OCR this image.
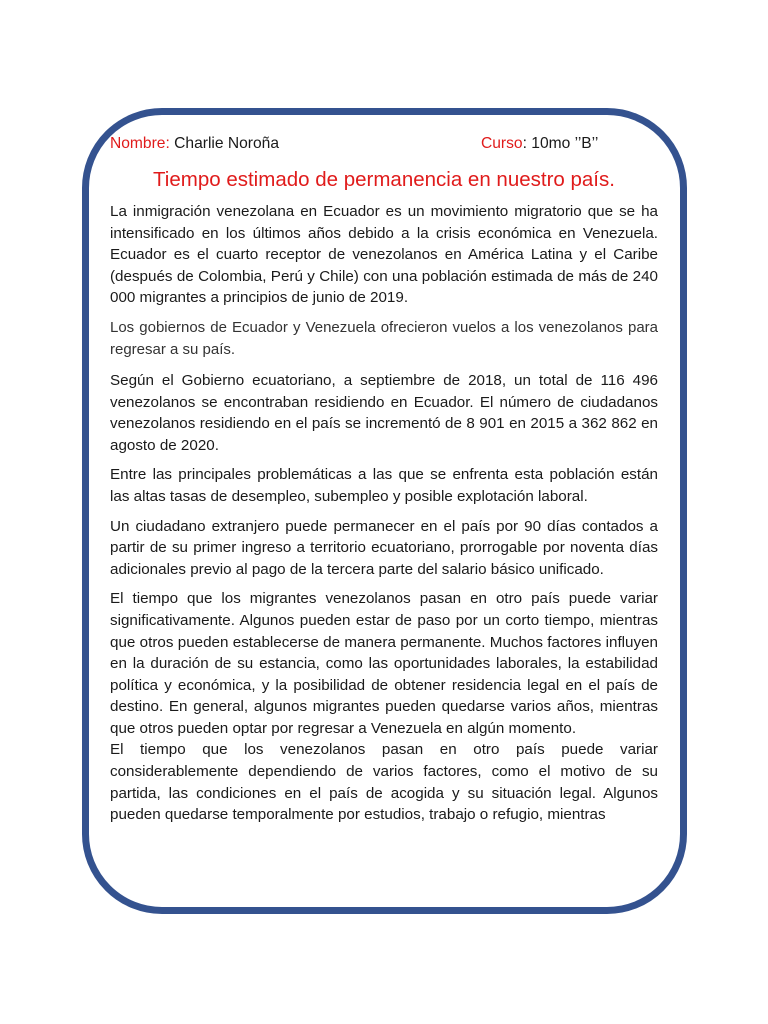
Nombre: Charlie Noroña	Curso: 10mo ’’B’’
Tiempo estimado de permanencia en nuestro país.

La inmigración venezolana en Ecuador es un movimiento migratorio que se ha intensificado en los últimos años debido a la crisis económica en Venezuela. Ecuador es el cuarto receptor de venezolanos en América Latina y el Caribe (después de Colombia, Perú y Chile) con una población estimada de más de 240 000 migrantes a principios de junio de 2019.

Los gobiernos de Ecuador y Venezuela ofrecieron vuelos a los venezolanos para regresar a su país.

Según el Gobierno ecuatoriano, a septiembre de 2018, un total de 116 496 venezolanos se encontraban residiendo en Ecuador. El número de ciudadanos venezolanos residiendo en el país se incrementó de 8 901 en 2015 a 362 862 en agosto de 2020.

Entre las principales problemáticas a las que se enfrenta esta población están las altas tasas de desempleo, subempleo y posible explotación laboral.

Un ciudadano extranjero puede permanecer en el país por 90 días contados a partir de su primer ingreso a territorio ecuatoriano, prorrogable por noventa días adicionales previo al pago de la tercera parte del salario básico unificado.

El tiempo que los migrantes venezolanos pasan en otro país puede variar significativamente. Algunos pueden estar de paso por un corto tiempo, mientras que otros pueden establecerse de manera permanente. Muchos factores influyen en la duración de su estancia, como las oportunidades laborales, la estabilidad política y económica, y la posibilidad de obtener residencia legal en el país de destino. En general, algunos migrantes pueden quedarse varios años, mientras que otros pueden optar por regresar a Venezuela en algún momento.

El tiempo que los venezolanos pasan en otro país puede variar considerablemente dependiendo de varios factores, como el motivo de su partida, las condiciones en el país de acogida y su situación legal. Algunos pueden quedarse temporalmente por estudios, trabajo o refugio, mientras
